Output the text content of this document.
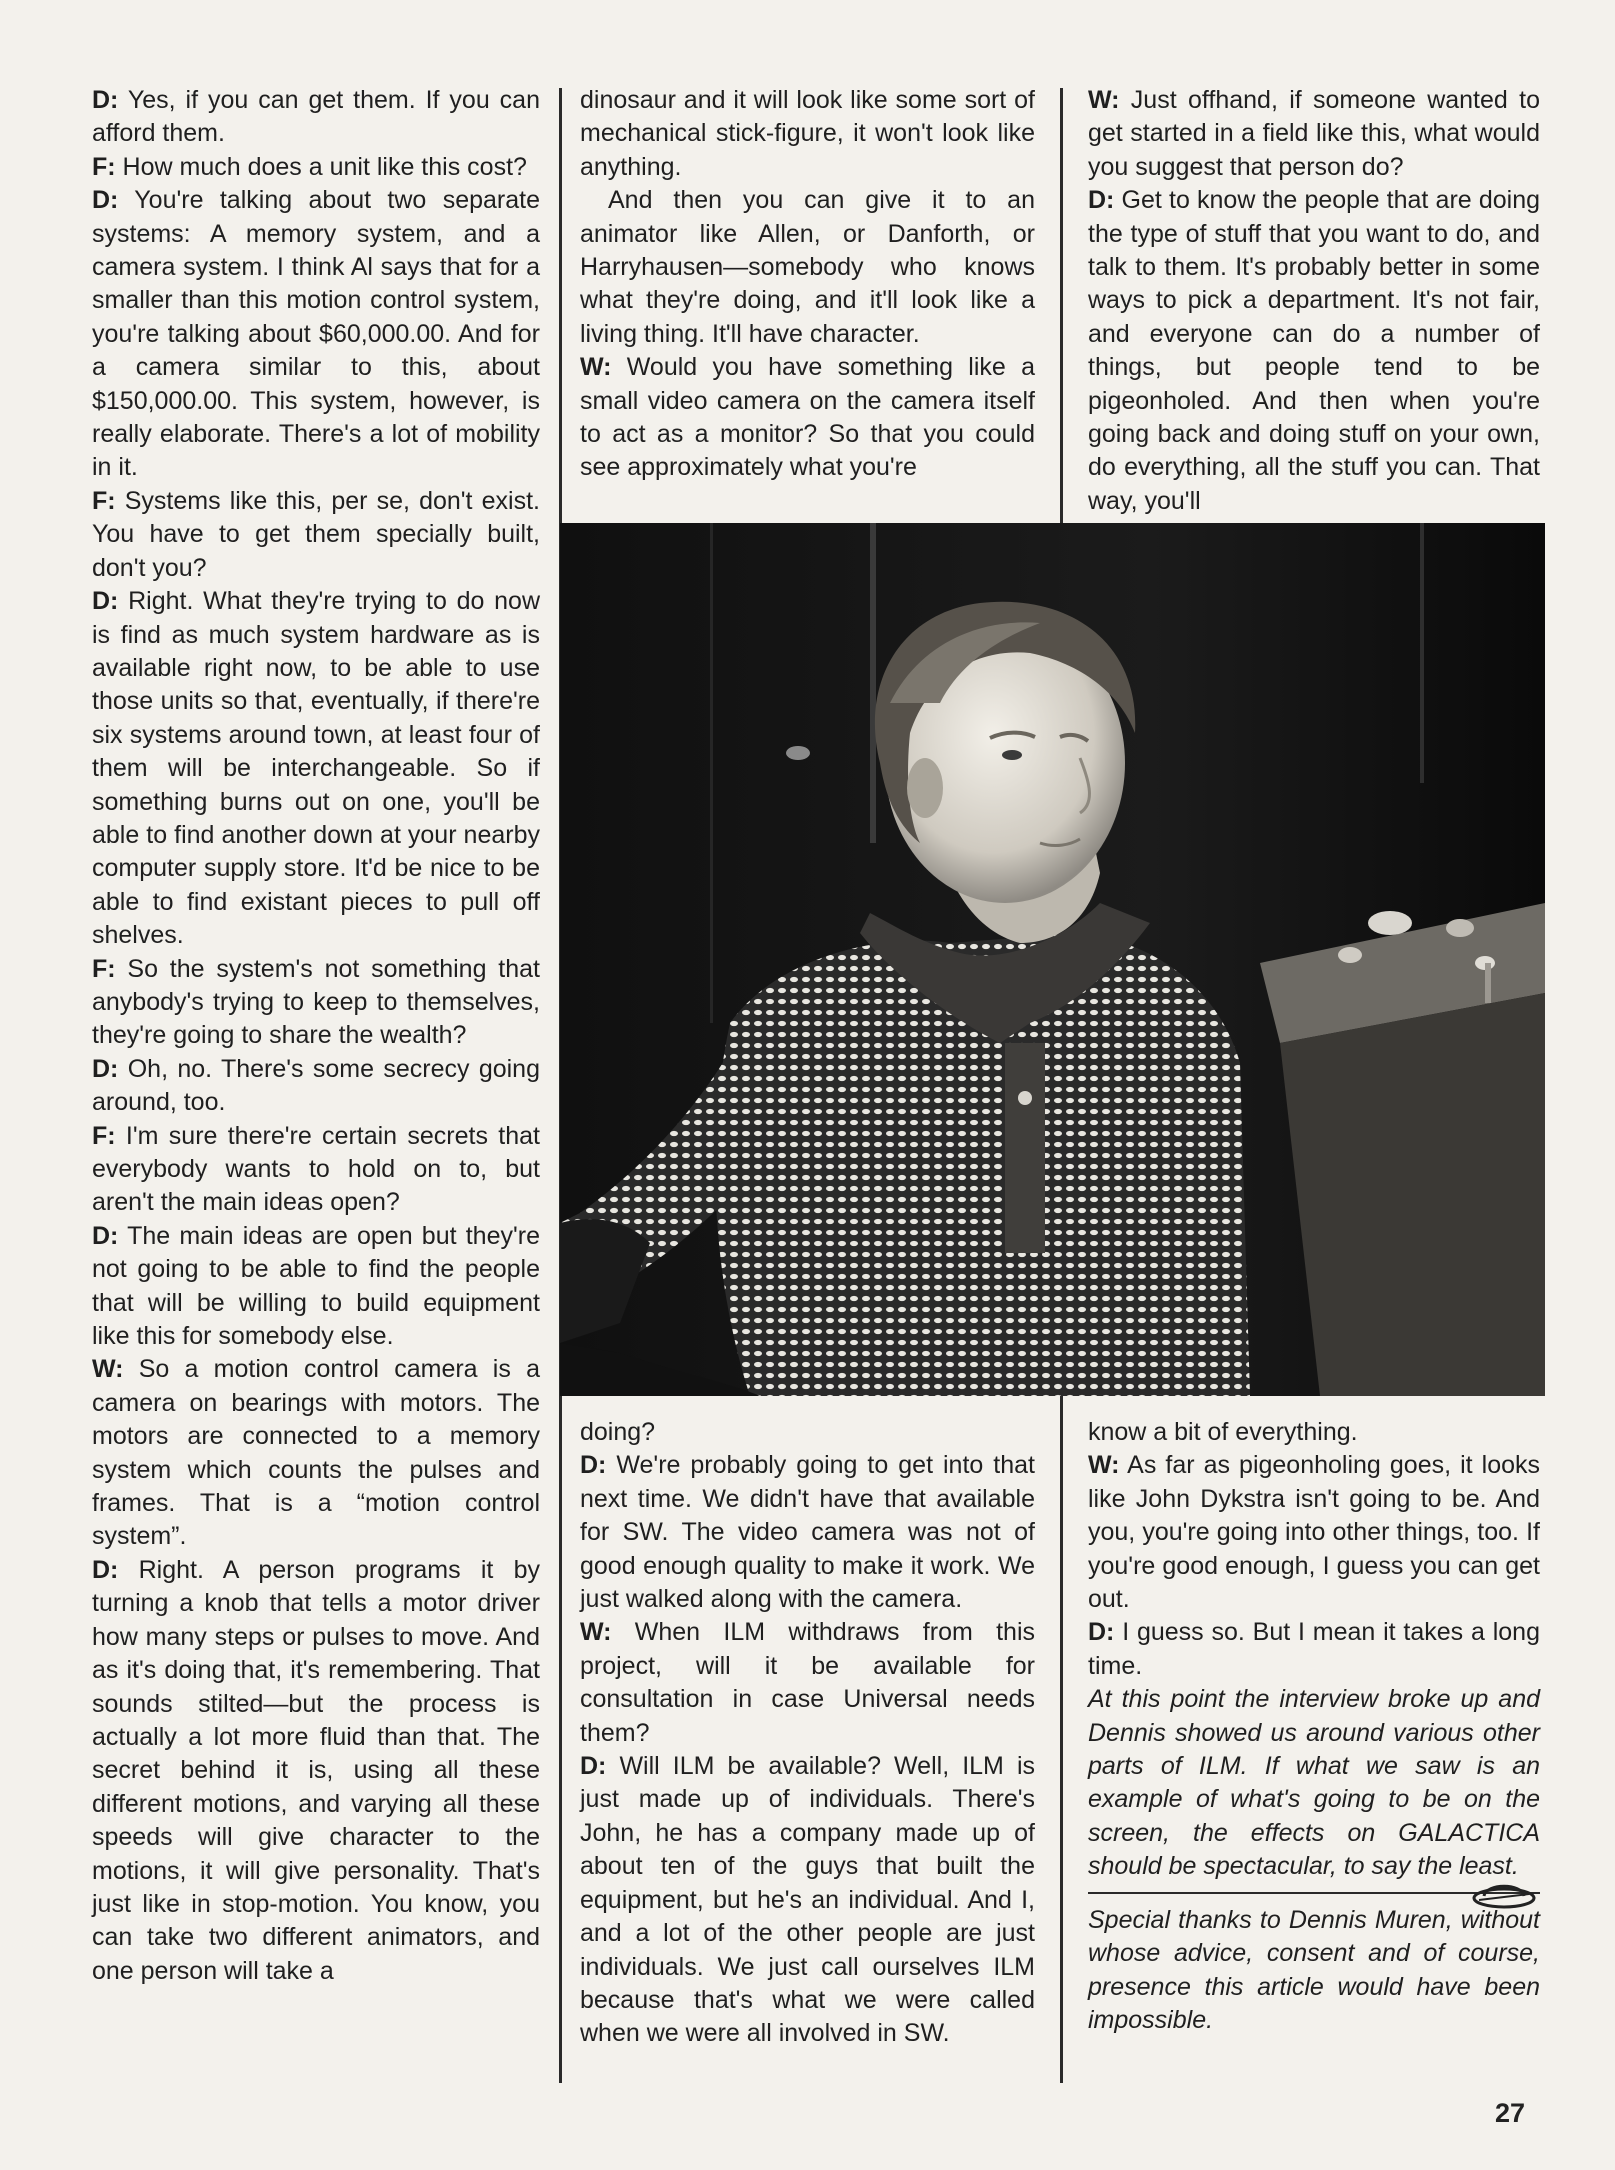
D: Yes, if you can get them. If you can afford them.

F: How much does a unit like this cost?

D: You're talking about two separate systems: A memory system, and a camera system. I think Al says that for a smaller than this motion control system, you're talking about $60,000.00. And for a camera similar to this, about $150,000.00. This system, however, is really elaborate. There's a lot of mobility in it.

F: Systems like this, per se, don't exist. You have to get them specially built, don't you?

D: Right. What they're trying to do now is find as much system hardware as is available right now, to be able to use those units so that, eventually, if there're six systems around town, at least four of them will be interchangeable. So if something burns out on one, you'll be able to find another down at your nearby computer supply store. It'd be nice to be able to find existant pieces to pull off shelves.

F: So the system's not something that anybody's trying to keep to themselves, they're going to share the wealth?

D: Oh, no. There's some secrecy going around, too.

F: I'm sure there're certain secrets that everybody wants to hold on to, but aren't the main ideas open?

D: The main ideas are open but they're not going to be able to find the people that will be willing to build equipment like this for somebody else.

W: So a motion control camera is a camera on bearings with motors. The motors are connected to a memory system which counts the pulses and frames. That is a “motion control system”.

D: Right. A person programs it by turning a knob that tells a motor driver how many steps or pulses to move. And as it's doing that, it's remembering. That sounds stilted—but the process is actually a lot more fluid than that. The secret behind it is, using all these different motions, and varying all these speeds will give character to the motions, it will give personality. That's just like in stop-motion. You know, you can take two different animators, and one person will take a

dinosaur and it will look like some sort of mechanical stick-figure, it won't look like anything.

And then you can give it to an animator like Allen, or Danforth, or Harryhausen—somebody who knows what they're doing, and it'll look like a living thing. It'll have character.

W: Would you have something like a small video camera on the camera itself to act as a monitor? So that you could see approximately what you're

W: Just offhand, if someone wanted to get started in a field like this, what would you suggest that person do?

D: Get to know the people that are doing the type of stuff that you want to do, and talk to them. It's probably better in some ways to pick a department. It's not fair, and everyone can do a number of things, but people tend to be pigeonholed. And then when you're going back and doing stuff on your own, do everything, all the stuff you can. That way, you'll

doing?

D: We're probably going to get into that next time. We didn't have that available for SW. The video camera was not of good enough quality to make it work. We just walked along with the camera.

W: When ILM withdraws from this project, will it be available for consultation in case Universal needs them?

D: Will ILM be available? Well, ILM is just made up of individuals. There's John, he has a company made up of about ten of the guys that built the equipment, but he's an individual. And I, and a lot of the other people are just individuals. We just call ourselves ILM because that's what we were called when we were all involved in SW.

know a bit of everything.

W: As far as pigeonholing goes, it looks like John Dykstra isn't going to be. And you, you're going into other things, too. If you're good enough, I guess you can get out.

D: I guess so. But I mean it takes a long time.

At this point the interview broke up and Dennis showed us around various other parts of ILM. If what we saw is an example of what's going to be on the screen, the effects on GALACTICA should be spectacular, to say the least.

Special thanks to Dennis Muren, without whose advice, consent and of course, presence this article would have been impossible.

27
